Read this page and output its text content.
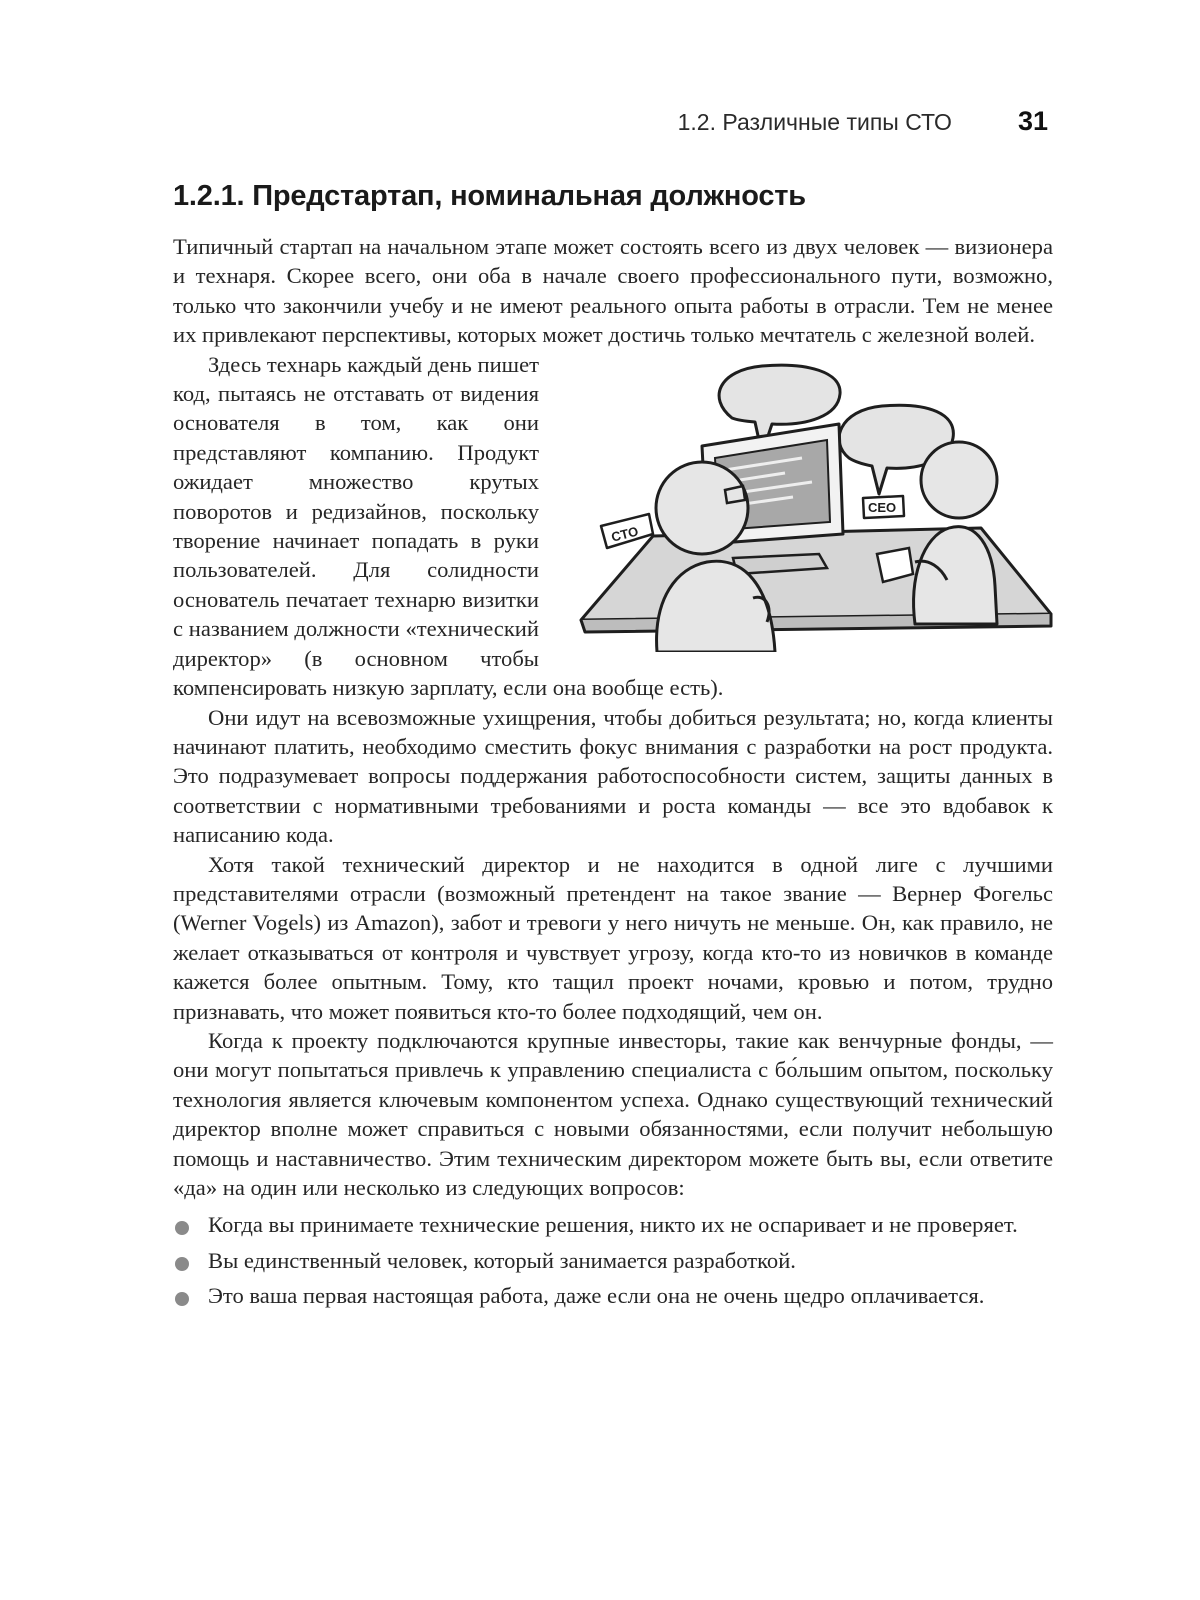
1.2. Различные типы СТО 31
1.2.1. Предстартап, номинальная должность

Типичный стартап на начальном этапе может состоять всего из двух человек — визионера и технаря. Скорее всего, они оба в начале своего профессионального пути, возможно, только что закончили учебу и не имеют реального опыта работы в отрасли. Тем не менее их привлекают перспективы, которых может достичь только мечтатель с железной волей.

CTO
CEO

Здесь технарь каждый день пишет код, пытаясь не отставать от видения основателя в том, как они представляют компанию. Продукт ожидает множество крутых поворотов и редизайнов, поскольку творение начинает попадать в руки пользователей. Для солидности основатель печатает технарю визитки с названием должности «технический директор» (в основном чтобы компенсировать низкую зарплату, если она вообще есть).

Они идут на всевозможные ухищрения, чтобы добиться результата; но, когда клиенты начинают платить, необходимо сместить фокус внимания с разработки на рост продукта. Это подразумевает вопросы поддержания работоспособности систем, защиты данных в соответствии с нормативными требованиями и роста команды — все это вдобавок к написанию кода.

Хотя такой технический директор и не находится в одной лиге с лучшими представителями отрасли (возможный претендент на такое звание — Вернер Фогельс (Werner Vogels) из Amazon), забот и тревоги у него ничуть не меньше. Он, как правило, не желает отказываться от контроля и чувствует угрозу, когда кто-то из новичков в команде кажется более опытным. Тому, кто тащил проект ночами, кровью и потом, трудно признавать, что может появиться кто-то более подходящий, чем он.

Когда к проекту подключаются крупные инвесторы, такие как венчурные фонды, — они могут попытаться привлечь к управлению специалиста с бо́льшим опытом, поскольку технология является ключевым компонентом успеха. Однако существующий технический директор вполне может справиться с новыми обязанностями, если получит небольшую помощь и наставничество. Этим техническим директором можете быть вы, если ответите «да» на один или несколько из следующих вопросов:

Когда вы принимаете технические решения, никто их не оспаривает и не проверяет.
Вы единственный человек, который занимается разработкой.
Это ваша первая настоящая работа, даже если она не очень щедро оплачивается.
